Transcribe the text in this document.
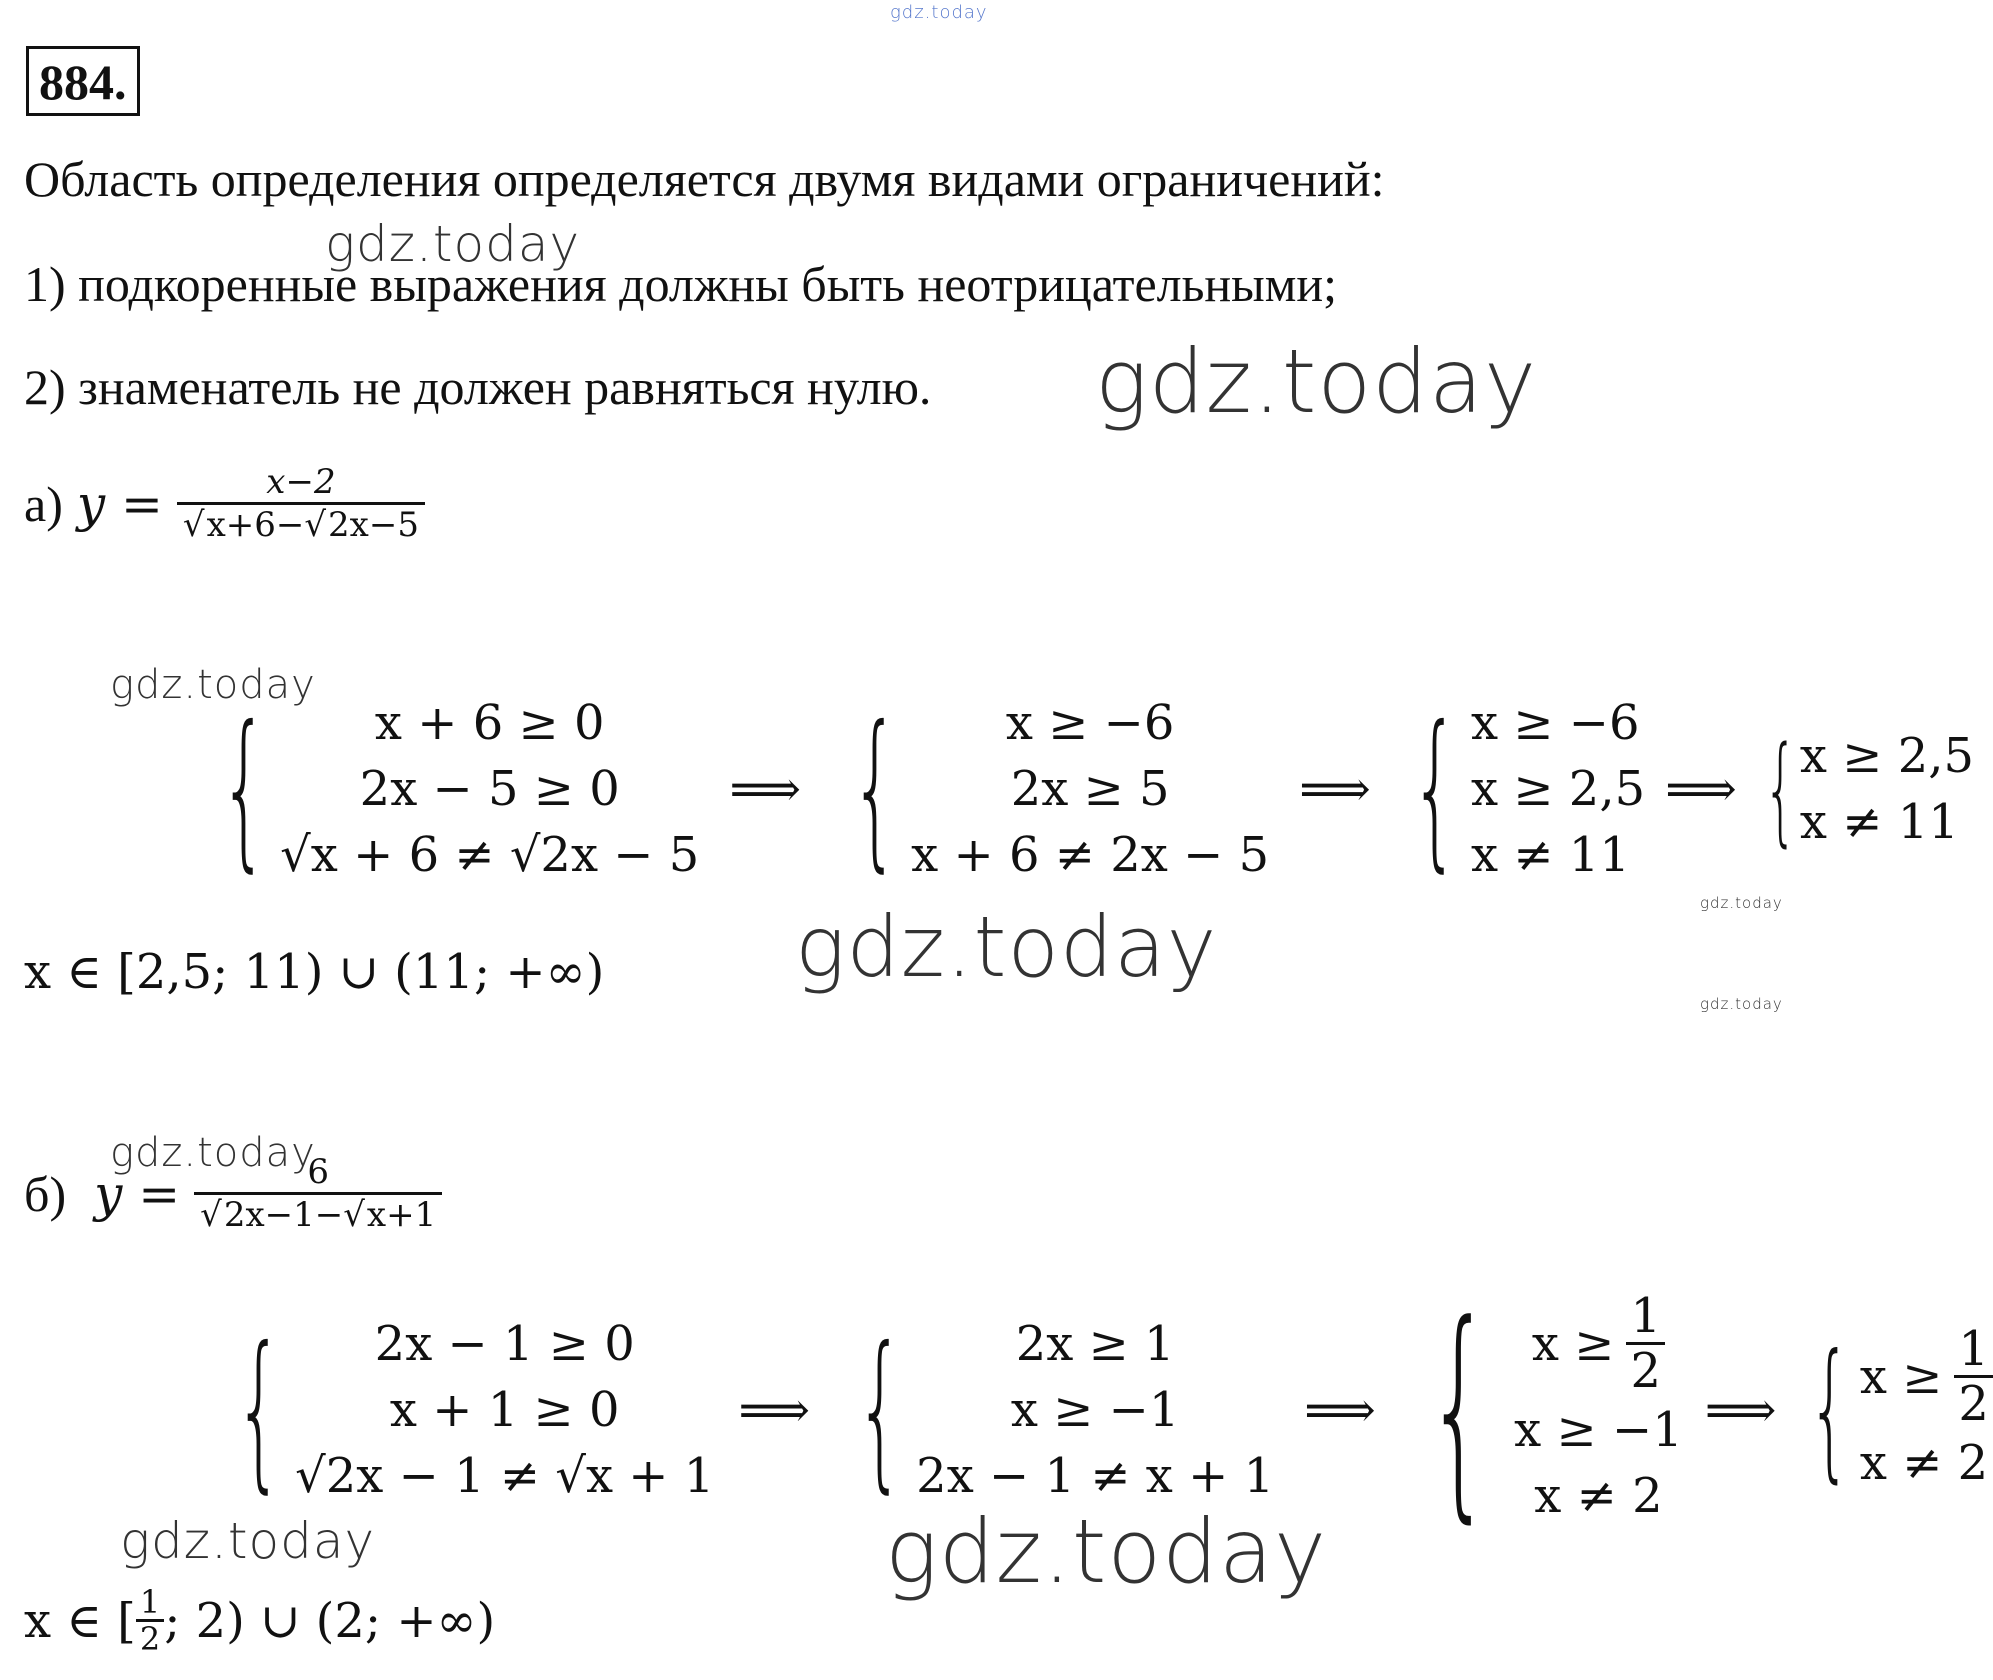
gdz.today
884.
Область определения определяется двумя видами ограничений:
gdz.today
1) подкоренные выражения должны быть неотрицательными;
2) знаменатель не должен равняться нулю. gdz.today
а) $y = \frac{x-2}{√x+6-√2x-5}$
gdz.today
{ x + 6 ≥ 0
2x − 5 ≥ 0
√x + 6 ≠ √2x − 5
⟹ { x ≥ −6
2x ≥ 5
x + 6 ≠ 2x − 5
⟹ { x ≥ −6
x ≥ 2,5
x ≠ 11
⟹ { x ≥ 2,5
x ≠ 11
gdz.today
gdz.today
x ∈ [2,5; 11) ∪ (11; +∞)
gdz.today
gdz.today
б) $y = \frac{6}{√2x-1-√x+1}$
{ 2x − 1 ≥ 0
x + 1 ≥ 0
√2x − 1 ≠ √x + 1
⟹ { 2x ≥ 1
x ≥ −1
2x − 1 ≠ x + 1
⟹ { $x \ge \frac{1}{2}$
x ≥ −1
x ≠ 2
⟹ { $x \ge \frac{1}{2}$
x ≠ 2
gdz.today	gdz.today
x ∈ [ $\frac{1}{2}$ ; 2) ∪ (2; +∞)
